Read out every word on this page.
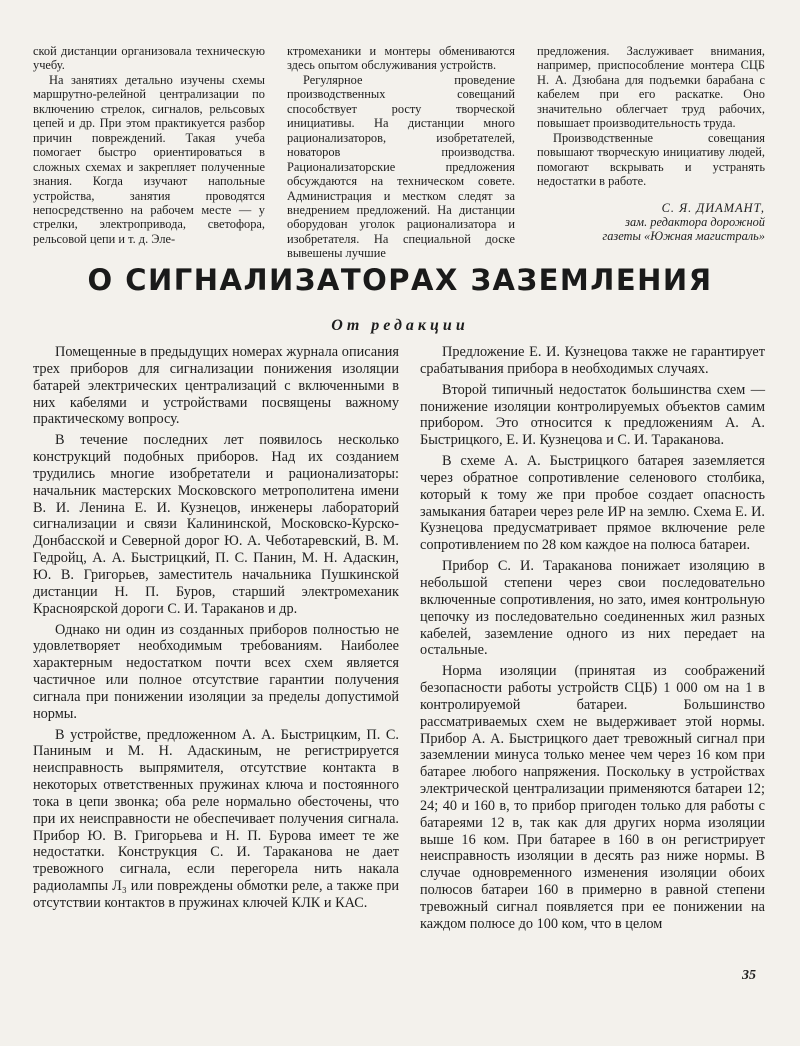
ской дистанции организовала техническую учебу.

На занятиях детально изучены схемы маршрутно-релейной централизации по включению стрелок, сигналов, рельсовых цепей и др. При этом практикуется разбор причин повреждений. Такая учеба помогает быстро ориентироваться в сложных схемах и закрепляет полученные знания. Когда изучают напольные устройства, занятия проводятся непосредственно на рабочем месте — у стрелки, электропривода, светофора, рельсовой цепи и т. д. Эле-

ктромеханики и монтеры обмениваются здесь опытом обслуживания устройств.

Регулярное проведение производственных совещаний способствует росту творческой инициативы. На дистанции много рационализаторов, изобретателей, новаторов производства. Рационализаторские предложения обсуждаются на техническом совете. Администрация и местком следят за внедрением предложений. На дистанции оборудован уголок рационализатора и изобретателя. На специальной доске вывешены лучшие

предложения. Заслуживает внимания, например, приспособление монтера СЦБ Н. А. Дзюбана для подъемки барабана с кабелем при его раскатке. Оно значительно облегчает труд рабочих, повышает производительность труда.

Производственные совещания повышают творческую инициативу людей, помогают вскрывать и устранять недостатки в работе.

С. Я. ДИАМАНТ,

зам. редактора дорожной

газеты «Южная магистраль»

О СИГНАЛИЗАТОРАХ ЗАЗЕМЛЕНИЯ
От редакции

Помещенные в предыдущих номерах журнала описания трех приборов для сигнализации понижения изоляции батарей электрических централизаций с включенными в них кабелями и устройствами посвящены важному практическому вопросу.

В течение последних лет появилось несколько конструкций подобных приборов. Над их созданием трудились многие изобретатели и рационализаторы: начальник мастерских Московского метрополитена имени В. И. Ленина Е. И. Кузнецов, инженеры лабораторий сигнализации и связи Калининской, Московско-Курско-Донбасской и Северной дорог Ю. А. Чеботаревский, В. М. Гедройц, А. А. Быстрицкий, П. С. Панин, М. Н. Адаскин, Ю. В. Григорьев, заместитель начальника Пушкинской дистанции Н. П. Буров, старший электромеханик Красноярской дороги С. И. Тараканов и др.

Однако ни один из созданных приборов полностью не удовлетворяет необходимым требованиям. Наиболее характерным недостатком почти всех схем является частичное или полное отсутствие гарантии получения сигнала при понижении изоляции за пределы допустимой нормы.

В устройстве, предложенном А. А. Быстрицким, П. С. Паниным и М. Н. Адаскиным, не регистрируется неисправность выпрямителя, отсутствие контакта в некоторых ответственных пружинах ключа и постоянного тока в цепи звонка; оба реле нормально обесточены, что при их неисправности не обеспечивает получения сигнала. Прибор Ю. В. Григорьева и Н. П. Бурова имеет те же недостатки. Конструкция С. И. Тараканова не дает тревожного сигнала, если перегорела нить накала радиолампы Л₃ или повреждены обмотки реле, а также при отсутствии контактов в пружинах ключей КЛК и КАС.

Предложение Е. И. Кузнецова также не гарантирует срабатывания прибора в необходимых случаях.

Второй типичный недостаток большинства схем — понижение изоляции контролируемых объектов самим прибором. Это относится к предложениям А. А. Быстрицкого, Е. И. Кузнецова и С. И. Тараканова.

В схеме А. А. Быстрицкого батарея заземляется через обратное сопротивление селенового столбика, который к тому же при пробое создает опасность замыкания батареи через реле ИР на землю. Схема Е. И. Кузнецова предусматривает прямое включение реле сопротивлением по 28 ком каждое на полюса батареи.

Прибор С. И. Тараканова понижает изоляцию в небольшой степени через свои последовательно включенные сопротивления, но зато, имея контрольную цепочку из последовательно соединенных жил разных кабелей, заземление одного из них передает на остальные.

Норма изоляции (принятая из соображений безопасности работы устройств СЦБ) 1 000 ом на 1 в контролируемой батареи. Большинство рассматриваемых схем не выдерживает этой нормы. Прибор А. А. Быстрицкого дает тревожный сигнал при заземлении минуса только менее чем через 16 ком при батарее любого напряжения. Поскольку в устройствах электрической централизации применяются батареи 12; 24; 40 и 160 в, то прибор пригоден только для работы с батареями 12 в, так как для других норма изоляции выше 16 ком. При батарее в 160 в он регистрирует неисправность изоляции в десять раз ниже нормы. В случае одновременного изменения изоляции обоих полюсов батареи 160 в примерно в равной степени тревожный сигнал появляется при ее понижении на каждом полюсе до 100 ком, что в целом

35
